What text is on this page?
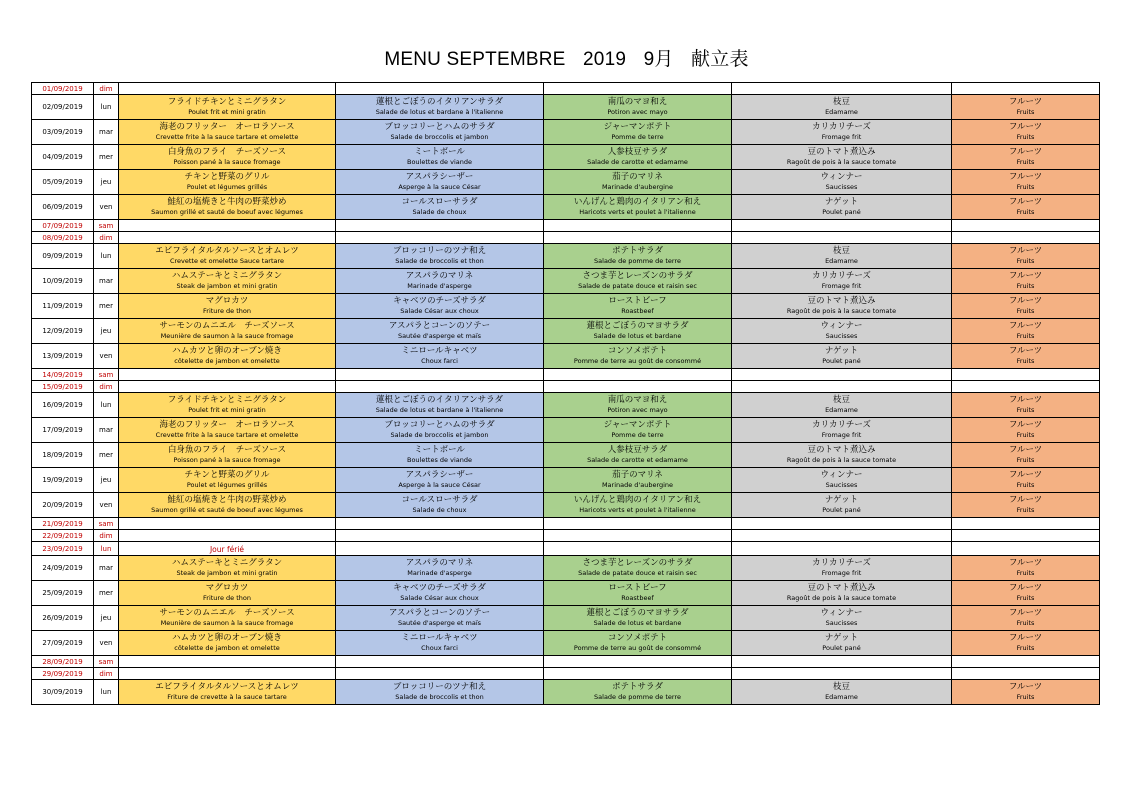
MENU SEPTEMBRE 2019 9月 献立表
01/09/2019	dim					
02/09/2019	lun	フライドチキンとミニグラタン
Poulet frit et mini gratin	蓮根とごぼうのイタリアンサラダ
Salade de lotus et bardane à l'italienne	南瓜のマヨ和え
Potiron avec mayo	枝豆
Edamame	フルーツ
Fruits

03/09/2019	mar	海老のフリッター　オーロラソース
Crevette frite à la sauce tartare et omelette	ブロッコリーとハムのサラダ
Salade de broccolis et jambon	ジャーマンポテト
Pomme de terre	カリカリチーズ
Fromage frit	フルーツ
Fruits

04/09/2019	mer	白身魚のフライ　チーズソース
Poisson pané à la sauce fromage	ミートボール
Boulettes de viande	人参枝豆サラダ
Salade de carotte et edamame	豆のトマト煮込み
Ragoût de pois à la sauce tomate	フルーツ
Fruits

05/09/2019	jeu	チキンと野菜のグリル
Poulet et légumes grillés	アスパラシーザー
Asperge à la sauce César	茄子のマリネ
Marinade d'aubergine	ウィンナー
Saucisses	フルーツ
Fruits

06/09/2019	ven	鮭紅の塩焼きと牛肉の野菜炒め
Saumon grillé et sauté de boeuf avec légumes	コールスローサラダ
Salade de choux	いんげんと鶏肉のイタリアン和え
Haricots verts et poulet à l'italienne	ナゲット
Poulet pané	フルーツ
Fruits

07/09/2019	sam					
08/09/2019	dim					
09/09/2019	lun	エビフライタルタルソースとオムレツ
Crevette et omelette Sauce tartare	ブロッコリーのツナ和え
Salade de broccolis et thon	ポテトサラダ
Salade de pomme de terre	枝豆
Edamame	フルーツ
Fruits

10/09/2019	mar	ハムステーキとミニグラタン
Steak de jambon et mini gratin	アスパラのマリネ
Marinade d'asperge	さつま芋とレーズンのサラダ
Salade de patate douce et raisin sec	カリカリチーズ
Fromage frit	フルーツ
Fruits

11/09/2019	mer	マグロカツ
Friture de thon	キャベツのチーズサラダ
Salade César aux choux	ローストビーフ
Roastbeef	豆のトマト煮込み
Ragoût de pois à la sauce tomate	フルーツ
Fruits

12/09/2019	jeu	サーモンのムニエル　チーズソース
Meunière de saumon à la sauce fromage	アスパラとコーンのソテー
Sautée d'asperge et maïs	蓮根とごぼうのマヨサラダ
Salade de lotus et bardane	ウィンナー
Saucisses	フルーツ
Fruits

13/09/2019	ven	ハムカツと卵のオーブン焼き
côtelette de jambon et omelette	ミニロールキャベツ
Choux farci	コンソメポテト
Pomme de terre au goût de consommé	ナゲット
Poulet pané	フルーツ
Fruits

14/09/2019	sam					
15/09/2019	dim					
16/09/2019	lun	フライドチキンとミニグラタン
Poulet frit et mini gratin	蓮根とごぼうのイタリアンサラダ
Salade de lotus et bardane à l'italienne	南瓜のマヨ和え
Potiron avec mayo	枝豆
Edamame	フルーツ
Fruits

17/09/2019	mar	海老のフリッター　オーロラソース
Crevette frite à la sauce tartare et omelette	ブロッコリーとハムのサラダ
Salade de broccolis et jambon	ジャーマンポテト
Pomme de terre	カリカリチーズ
Fromage frit	フルーツ
Fruits

18/09/2019	mer	白身魚のフライ　チーズソース
Poisson pané à la sauce fromage	ミートボール
Boulettes de viande	人参枝豆サラダ
Salade de carotte et edamame	豆のトマト煮込み
Ragoût de pois à la sauce tomate	フルーツ
Fruits

19/09/2019	jeu	チキンと野菜のグリル
Poulet et légumes grillés	アスパラシーザー
Asperge à la sauce César	茄子のマリネ
Marinade d'aubergine	ウィンナー
Saucisses	フルーツ
Fruits

20/09/2019	ven	鮭紅の塩焼きと牛肉の野菜炒め
Saumon grillé et sauté de boeuf avec légumes	コールスローサラダ
Salade de choux	いんげんと鶏肉のイタリアン和え
Haricots verts et poulet à l'italienne	ナゲット
Poulet pané	フルーツ
Fruits

21/09/2019	sam					
22/09/2019	dim					
23/09/2019	lun	Jour férié				
24/09/2019	mar	ハムステーキとミニグラタン
Steak de jambon et mini gratin	アスパラのマリネ
Marinade d'asperge	さつま芋とレーズンのサラダ
Salade de patate douce et raisin sec	カリカリチーズ
Fromage frit	フルーツ
Fruits

25/09/2019	mer	マグロカツ
Friture de thon	キャベツのチーズサラダ
Salade César aux choux	ローストビーフ
Roastbeef	豆のトマト煮込み
Ragoût de pois à la sauce tomate	フルーツ
Fruits

26/09/2019	jeu	サーモンのムニエル　チーズソース
Meunière de saumon à la sauce fromage	アスパラとコーンのソテー
Sautée d'asperge et maïs	蓮根とごぼうのマヨサラダ
Salade de lotus et bardane	ウィンナー
Saucisses	フルーツ
Fruits

27/09/2019	ven	ハムカツと卵のオーブン焼き
côtelette de jambon et omelette	ミニロールキャベツ
Choux farci	コンソメポテト
Pomme de terre au goût de consommé	ナゲット
Poulet pané	フルーツ
Fruits

28/09/2019	sam					
29/09/2019	dim					
30/09/2019	lun	エビフライタルタルソースとオムレツ
Friture de crevette à la sauce tartare	ブロッコリーのツナ和え
Salade de broccolis et thon	ポテトサラダ
Salade de pomme de terre	枝豆
Edamame	フルーツ
Fruits
